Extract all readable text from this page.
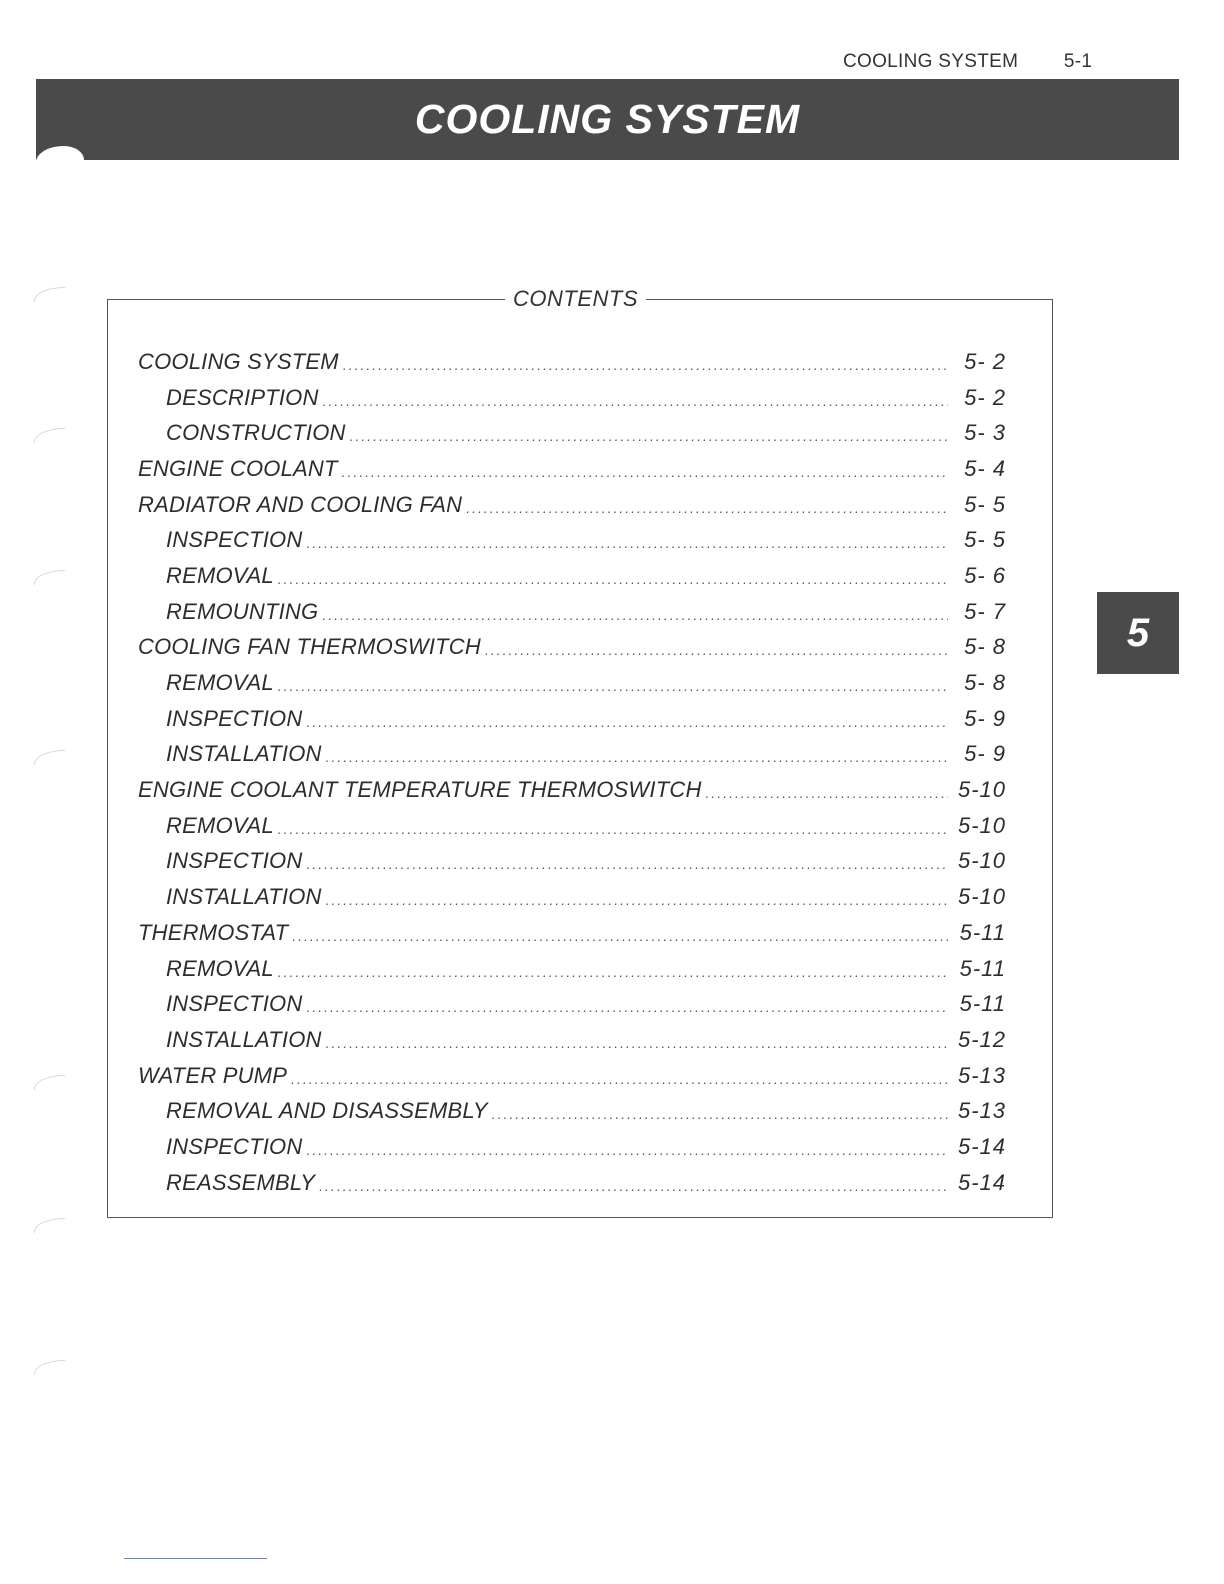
COOLING SYSTEM 5-1
COOLING SYSTEM
CONTENTS
COOLING SYSTEM .....	5- 2
DESCRIPTION .....	5- 2
CONSTRUCTION .....	5- 3
ENGINE COOLANT .....	5- 4
RADIATOR AND COOLING FAN .....	5- 5
INSPECTION .....	5- 5
REMOVAL .....	5- 6
REMOUNTING .....	5- 7
COOLING FAN THERMOSWITCH .....	5- 8
REMOVAL .....	5- 8
INSPECTION .....	5- 9
INSTALLATION .....	5- 9
ENGINE COOLANT TEMPERATURE THERMOSWITCH .....	5-10
REMOVAL .....	5-10
INSPECTION .....	5-10
INSTALLATION .....	5-10
THERMOSTAT .....	5-11
REMOVAL .....	5-11
INSPECTION .....	5-11
INSTALLATION .....	5-12
WATER PUMP .....	5-13
REMOVAL AND DISASSEMBLY .....	5-13
INSPECTION .....	5-14
REASSEMBLY .....	5-14
5
